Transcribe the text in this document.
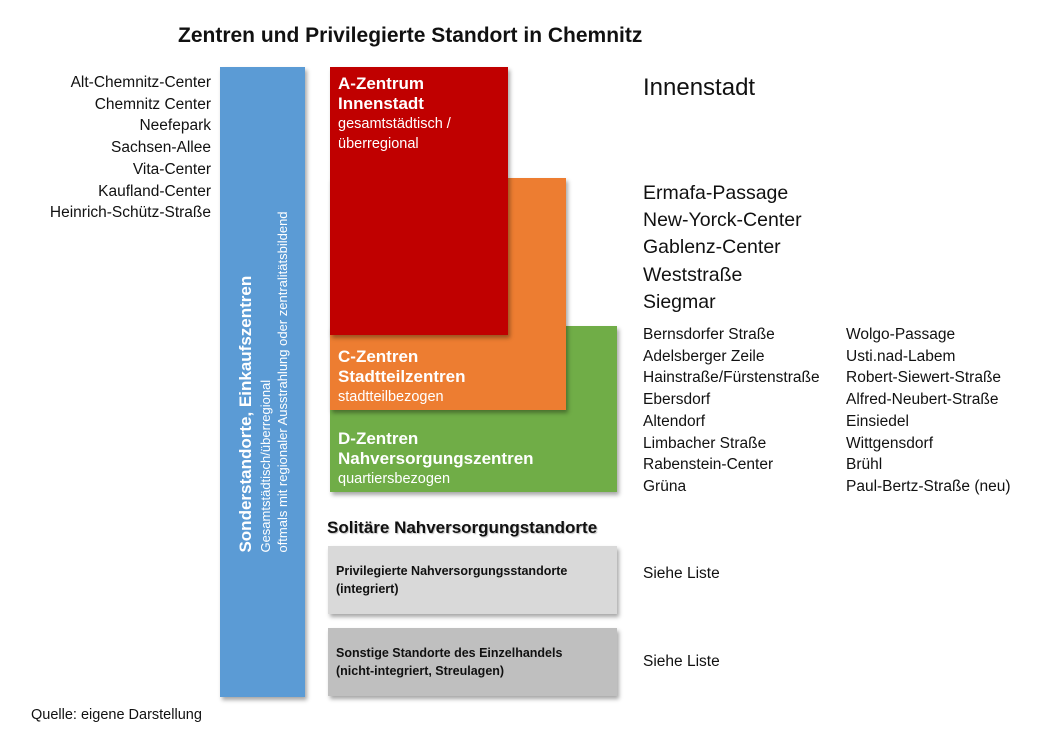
Zentren und Privilegierte Standort in Chemnitz
Alt-Chemnitz-Center
Chemnitz Center
Neefepark
Sachsen-Allee
Vita-Center
Kaufland-Center
Heinrich-Schütz-Straße
Sonderstandorte, Einkaufszentren Gesamtstädtisch/überregional oftmals mit regionaler Ausstrahlung oder zentralitätsbildend	D-Zentren
Nahversorgungszentren
quartiersbezogen
C-Zentren
Stadtteilzentren
stadtteilbezogen
A-Zentrum
Innenstadt
gesamtstädtisch /
überregional
Solitäre Nahversorgungstandorte
Privilegierte Nahversorgungsstandorte
(integriert)
Sonstige Standorte des Einzelhandels
(nicht-integriert, Streulagen)
Innenstadt
Ermafa-Passage
New-Yorck-Center
Gablenz-Center
Weststraße
Siegmar
Bernsdorfer Straße
Adelsberger Zeile
Hainstraße/Fürstenstraße
Ebersdorf
Altendorf
Limbacher Straße
Rabenstein-Center
Grüna
Wolgo-Passage
Usti.nad-Labem
Robert-Siewert-Straße
Alfred-Neubert-Straße
Einsiedel
Wittgensdorf
Brühl
Paul-Bertz-Straße (neu)
Siehe Liste
Siehe Liste
Quelle: eigene Darstellung
